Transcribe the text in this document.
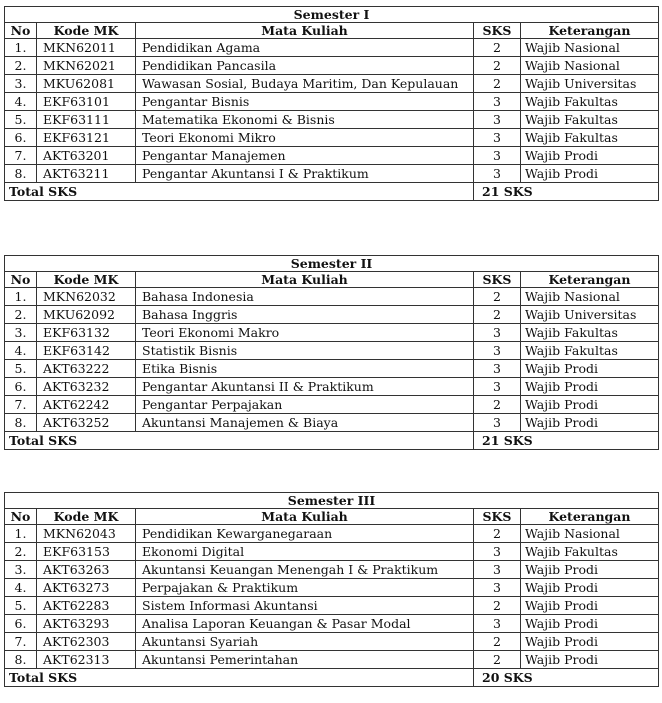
Semester I				
No	Kode MK	Mata Kuliah	SKS	Keterangan
1.	MKN62011	Pendidikan Agama	2	Wajib Nasional
2.	MKN62021	Pendidikan Pancasila	2	Wajib Nasional
3.	MKU62081	Wawasan Sosial, Budaya Maritim, Dan Kepulauan	2	Wajib Universitas
4.	EKF63101	Pengantar Bisnis	3	Wajib Fakultas
5.	EKF63111	Matematika Ekonomi & Bisnis	3	Wajib Fakultas
6.	EKF63121	Teori Ekonomi Mikro	3	Wajib Fakultas
7.	AKT63201	Pengantar Manajemen	3	Wajib Prodi
8.	AKT63211	Pengantar Akuntansi I & Praktikum	3	Wajib Prodi
Total SKS			21 SKS	
Semester II				
No	Kode MK	Mata Kuliah	SKS	Keterangan
1.	MKN62032	Bahasa Indonesia	2	Wajib Nasional
2.	MKU62092	Bahasa Inggris	2	Wajib Universitas
3.	EKF63132	Teori Ekonomi Makro	3	Wajib Fakultas
4.	EKF63142	Statistik Bisnis	3	Wajib Fakultas
5.	AKT63222	Etika Bisnis	3	Wajib Prodi
6.	AKT63232	Pengantar Akuntansi II & Praktikum	3	Wajib Prodi
7.	AKT62242	Pengantar Perpajakan	2	Wajib Prodi
8.	AKT63252	Akuntansi Manajemen & Biaya	3	Wajib Prodi
Total SKS			21 SKS	
Semester III				
No	Kode MK	Mata Kuliah	SKS	Keterangan
1.	MKN62043	Pendidikan Kewarganegaraan	2	Wajib Nasional
2.	EKF63153	Ekonomi Digital	3	Wajib Fakultas
3.	AKT63263	Akuntansi Keuangan Menengah I & Praktikum	3	Wajib Prodi
4.	AKT63273	Perpajakan & Praktikum	3	Wajib Prodi
5.	AKT62283	Sistem Informasi Akuntansi	2	Wajib Prodi
6.	AKT63293	Analisa Laporan Keuangan & Pasar Modal	3	Wajib Prodi
7.	AKT62303	Akuntansi Syariah	2	Wajib Prodi
8.	AKT62313	Akuntansi Pemerintahan	2	Wajib Prodi
Total SKS			20 SKS	
